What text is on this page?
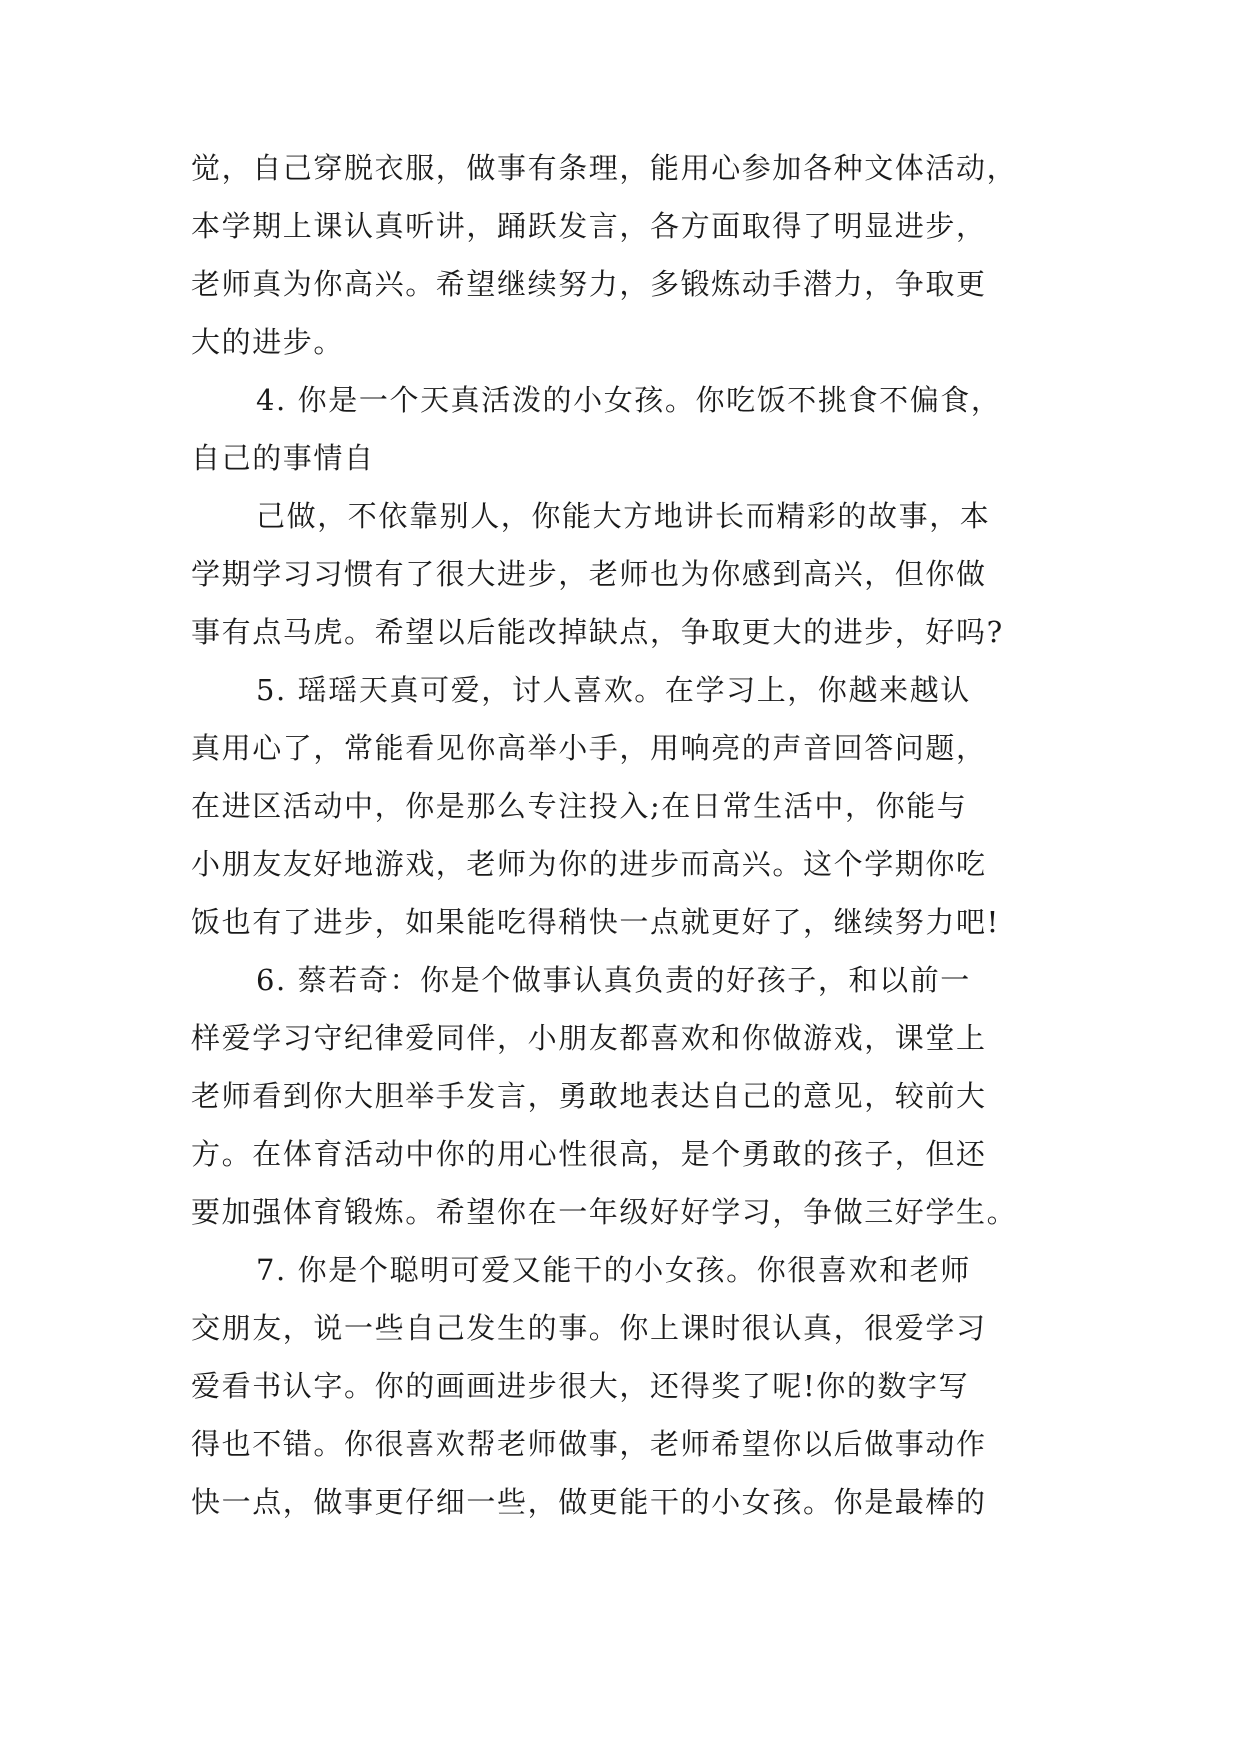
觉，自己穿脱衣服，做事有条理，能用心参加各种文体活动，
本学期上课认真听讲，踊跃发言，各方面取得了明显进步，
老师真为你高兴。希望继续努力，多锻炼动手潜力，争取更
大的进步。
4. 你是一个天真活泼的小女孩。你吃饭不挑食不偏食，
自己的事情自
己做，不依靠别人，你能大方地讲长而精彩的故事，本
学期学习习惯有了很大进步，老师也为你感到高兴，但你做
事有点马虎。希望以后能改掉缺点，争取更大的进步，好吗?
5. 瑶瑶天真可爱，讨人喜欢。在学习上，你越来越认
真用心了，常能看见你高举小手，用响亮的声音回答问题，
在进区活动中，你是那么专注投入;在日常生活中，你能与
小朋友友好地游戏，老师为你的进步而高兴。这个学期你吃
饭也有了进步，如果能吃得稍快一点就更好了，继续努力吧!
6. 蔡若奇：你是个做事认真负责的好孩子，和以前一
样爱学习守纪律爱同伴，小朋友都喜欢和你做游戏，课堂上
老师看到你大胆举手发言，勇敢地表达自己的意见，较前大
方。在体育活动中你的用心性很高，是个勇敢的孩子，但还
要加强体育锻炼。希望你在一年级好好学习，争做三好学生。
7. 你是个聪明可爱又能干的小女孩。你很喜欢和老师
交朋友，说一些自己发生的事。你上课时很认真，很爱学习
爱看书认字。你的画画进步很大，还得奖了呢!你的数字写
得也不错。你很喜欢帮老师做事，老师希望你以后做事动作
快一点，做事更仔细一些，做更能干的小女孩。你是最棒的
